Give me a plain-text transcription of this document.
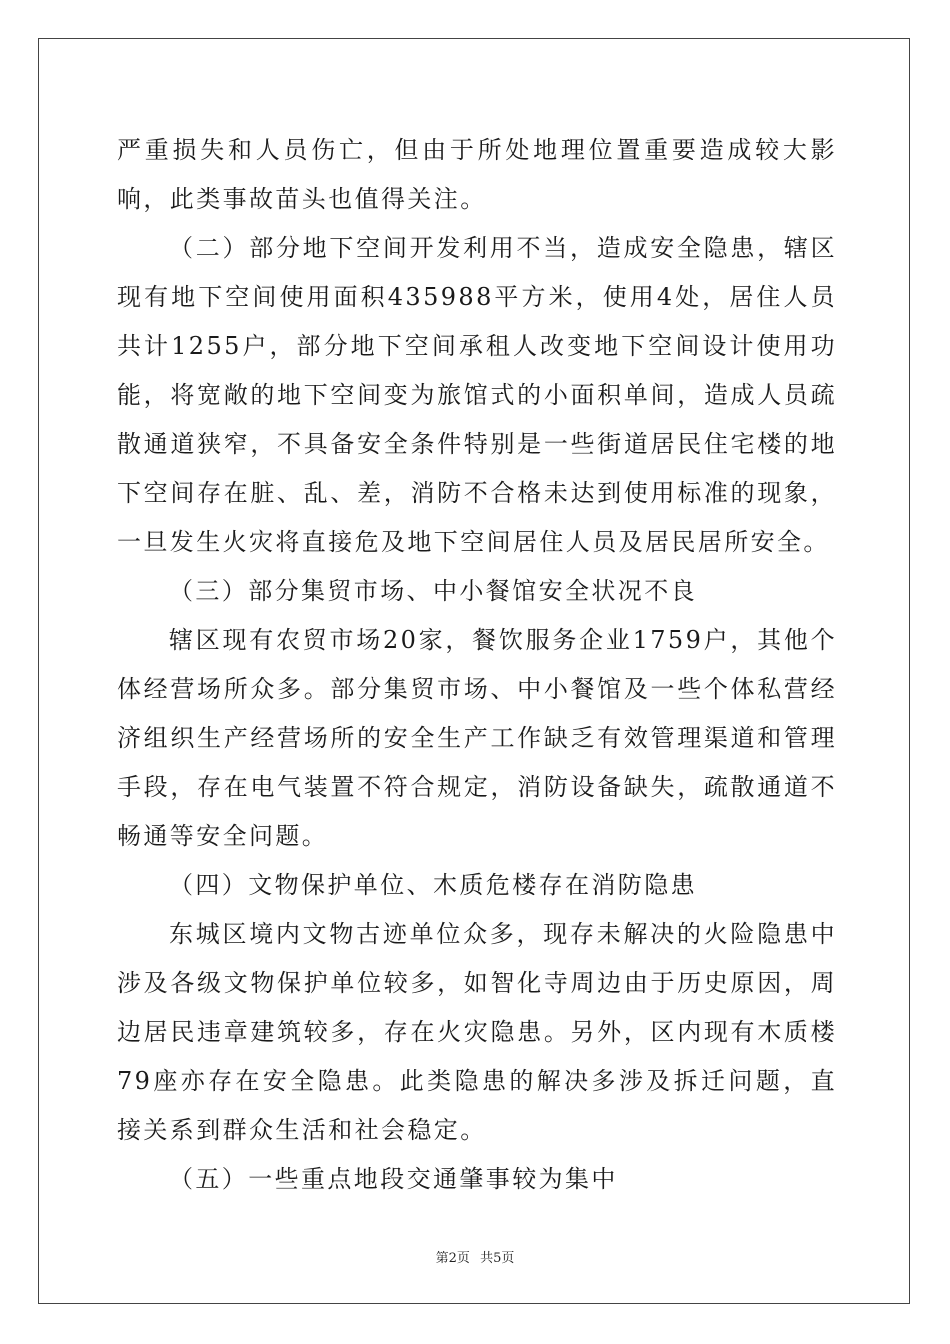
严重损失和人员伤亡，但由于所处地理位置重要造成较大影响，此类事故苗头也值得关注。

（二）部分地下空间开发利用不当，造成安全隐患，辖区现有地下空间使用面积435988平方米，使用4处，居住人员共计1255户，部分地下空间承租人改变地下空间设计使用功能，将宽敞的地下空间变为旅馆式的小面积单间，造成人员疏散通道狭窄，不具备安全条件特别是一些街道居民住宅楼的地下空间存在脏、乱、差，消防不合格未达到使用标准的现象，一旦发生火灾将直接危及地下空间居住人员及居民居所安全。

（三）部分集贸市场、中小餐馆安全状况不良

辖区现有农贸市场20家，餐饮服务企业1759户，其他个体经营场所众多。部分集贸市场、中小餐馆及一些个体私营经济组织生产经营场所的安全生产工作缺乏有效管理渠道和管理手段，存在电气装置不符合规定，消防设备缺失，疏散通道不畅通等安全问题。

（四）文物保护单位、木质危楼存在消防隐患

东城区境内文物古迹单位众多，现存未解决的火险隐患中涉及各级文物保护单位较多，如智化寺周边由于历史原因，周边居民违章建筑较多，存在火灾隐患。另外，区内现有木质楼79座亦存在安全隐患。此类隐患的解决多涉及拆迁问题，直接关系到群众生活和社会稳定。

（五）一些重点地段交通肇事较为集中

第2页 共5页
